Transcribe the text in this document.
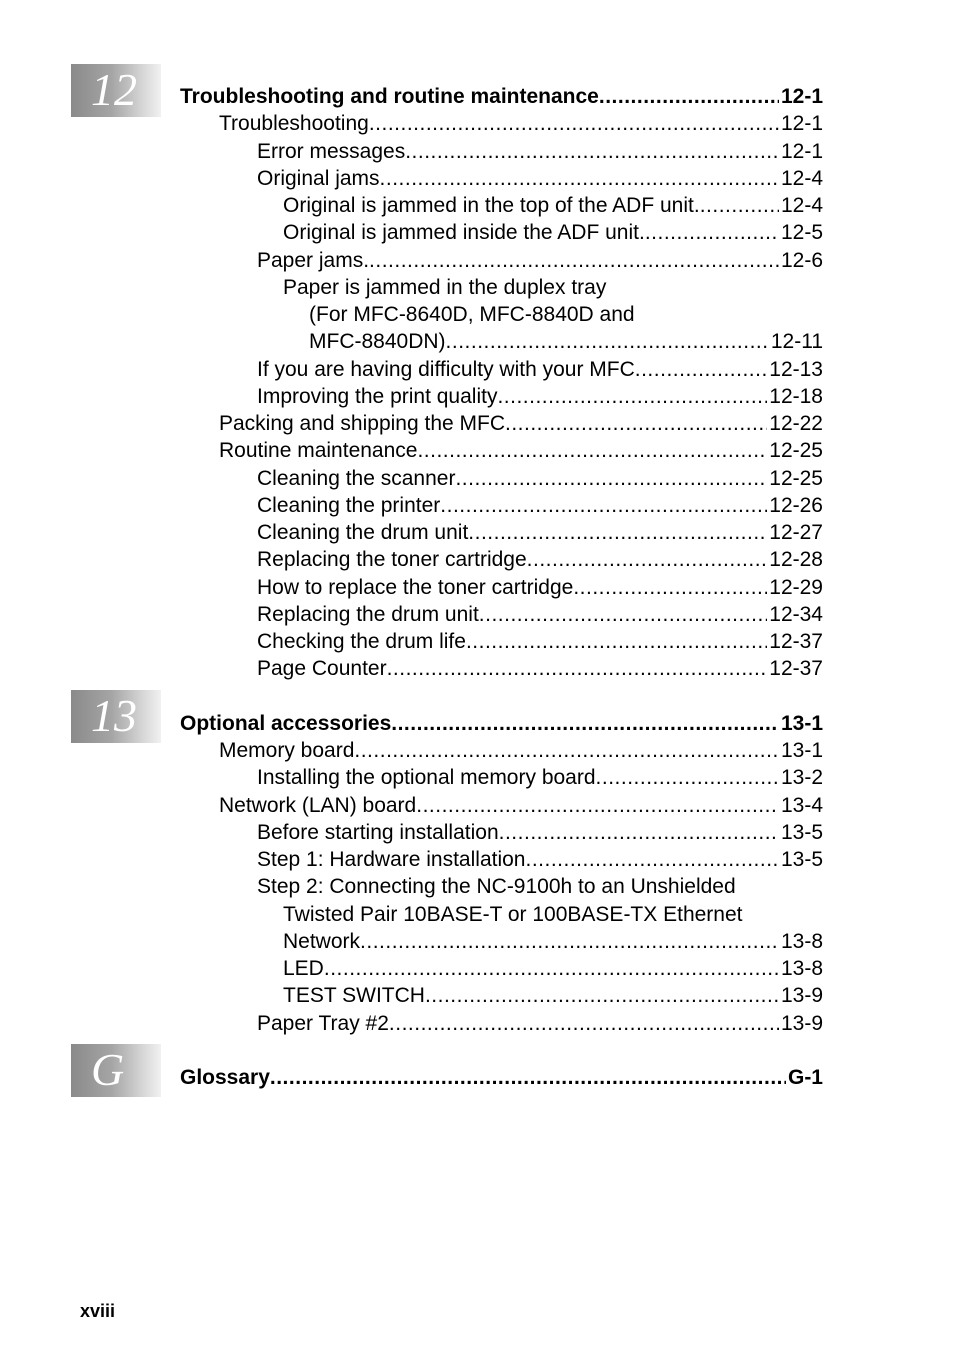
12
13
G
Troubleshooting and routine maintenance .....	12-1
Troubleshooting .....	12-1
Error messages .....	12-1
Original jams .....	12-4
Original is jammed in the top of the ADF unit. .....	12-4
Original is jammed inside the ADF unit. .....	12-5
Paper jams. .....	12-6
Paper is jammed in the duplex tray
(For MFC-8640D, MFC-8840D and
MFC-8840DN) .....	12-11
If you are having difficulty with your MFC .....	12-13
Improving the print quality .....	12-18
Packing and shipping the MFC .....	12-22
Routine maintenance .....	12-25
Cleaning the scanner .....	12-25
Cleaning the printer .....	12-26
Cleaning the drum unit .....	12-27
Replacing the toner cartridge .....	12-28
How to replace the toner cartridge .....	12-29
Replacing the drum unit .....	12-34
Checking the drum life .....	12-37
Page Counter .....	12-37
Optional accessories .....	13-1
Memory board .....	13-1
Installing the optional memory board .....	13-2
Network (LAN) board .....	13-4
Before starting installation .....	13-5
Step 1: Hardware installation .....	13-5
Step 2: Connecting the NC-9100h to an Unshielded
Twisted Pair 10BASE-T or 100BASE-TX Ethernet
Network .....	13-8
LED .....	13-8
TEST SWITCH .....	13-9
Paper Tray #2 .....	13-9
Glossary .....	G-1
xviii
